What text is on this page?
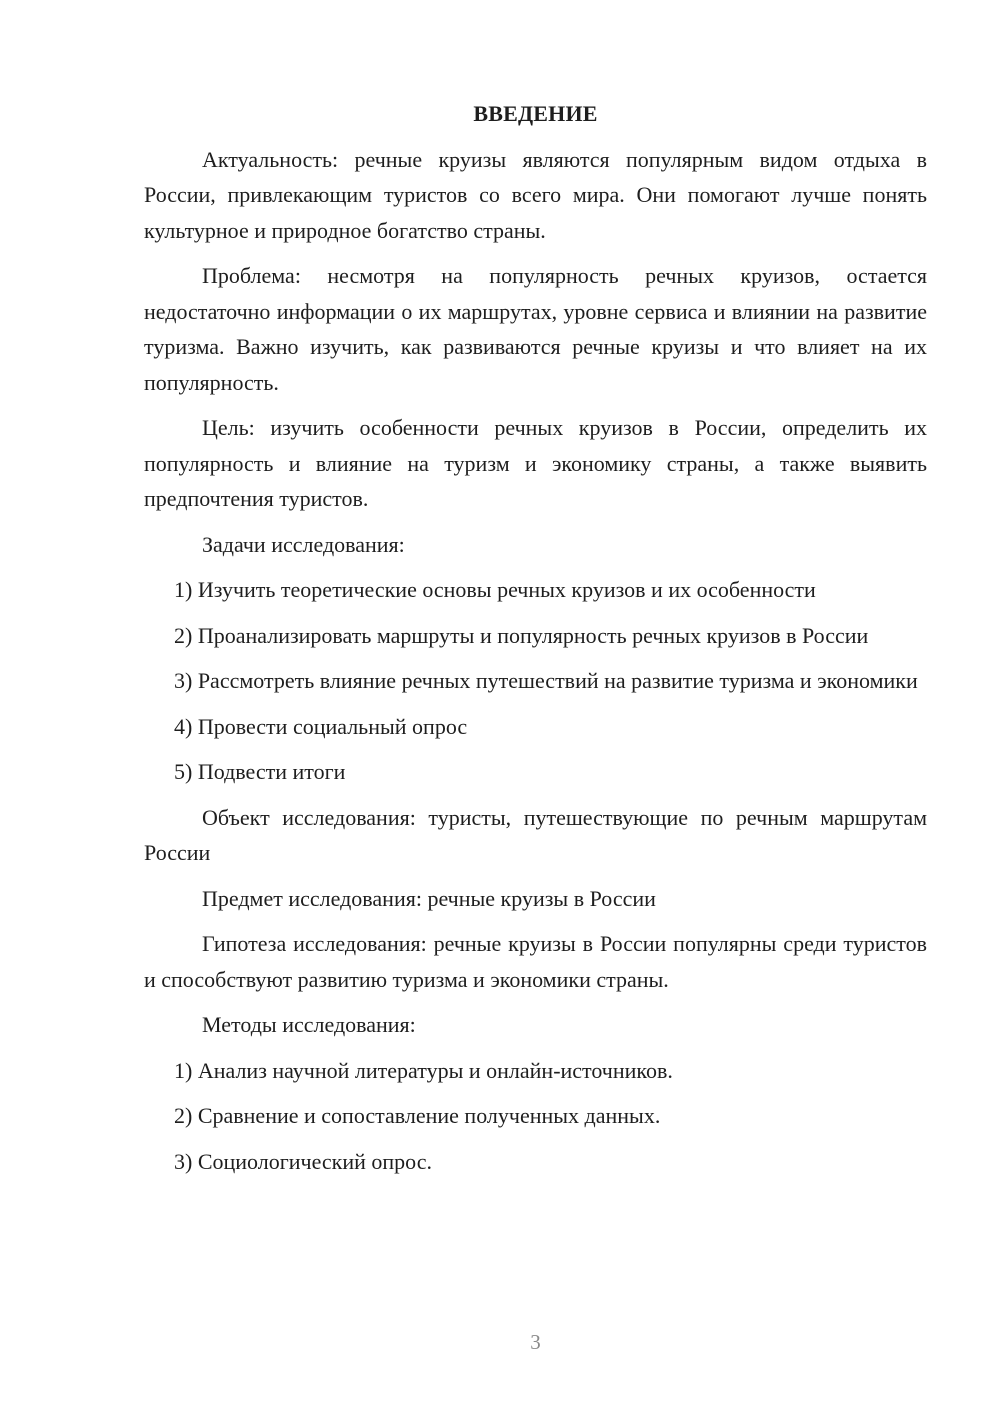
ВВЕДЕНИЕ

Актуальность: речные круизы являются популярным видом отдыха в России, привлекающим туристов со всего мира. Они помогают лучше понять культурное и природное богатство страны.

Проблема: несмотря на популярность речных круизов, остается недостаточно информации о их маршрутах, уровне сервиса и влиянии на развитие туризма. Важно изучить, как развиваются речные круизы и что влияет на их популярность.

Цель: изучить особенности речных круизов в России, определить их популярность и влияние на туризм и экономику страны, а также выявить предпочтения туристов.

Задачи исследования:

1) Изучить теоретические основы речных круизов и их особенности

2) Проанализировать маршруты и популярность речных круизов в России

3) Рассмотреть влияние речных путешествий на развитие туризма и экономики

4) Провести социальный опрос

5) Подвести итоги

Объект исследования: туристы, путешествующие по речным маршрутам России

Предмет исследования: речные круизы в России

Гипотеза исследования: речные круизы в России популярны среди туристов и способствуют развитию туризма и экономики страны.

Методы исследования:

1) Анализ научной литературы и онлайн-источников.

2) Сравнение и сопоставление полученных данных.

3) Социологический опрос.

3
